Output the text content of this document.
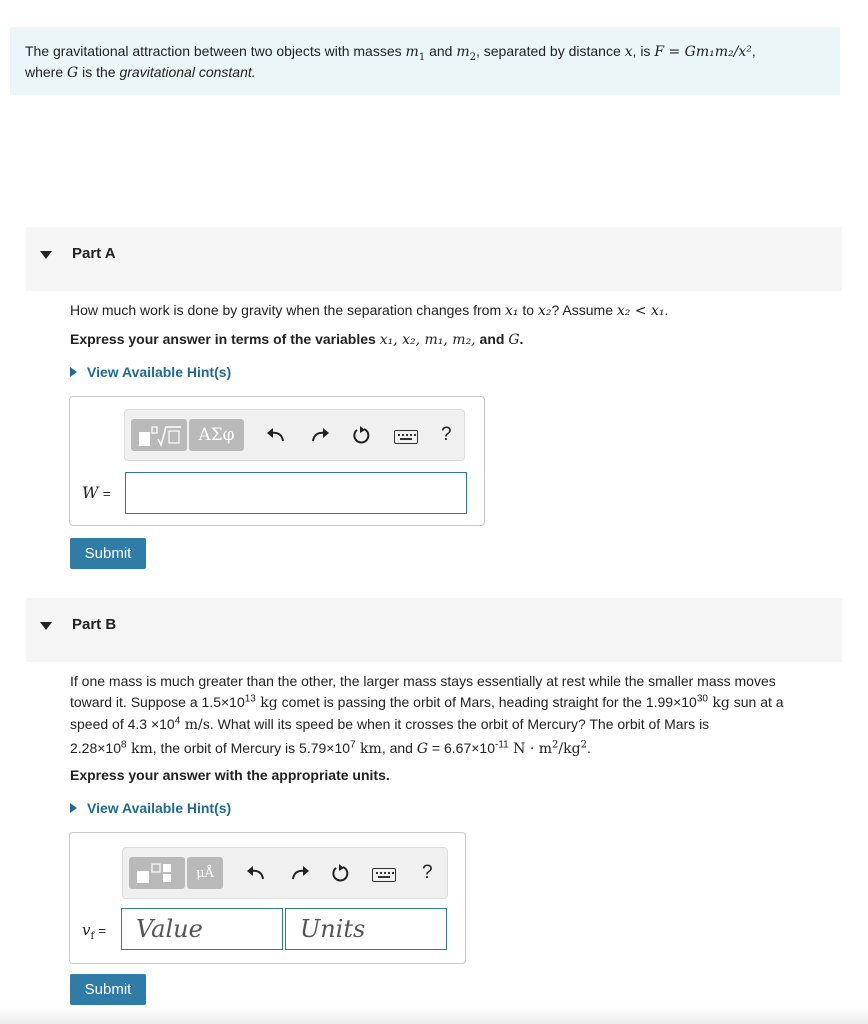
The gravitational attraction between two objects with masses $m_1$ and $m_2$, separated by distance x, is F = Gm₁m₂/x²,
where G is the gravitational constant.
Part A
How much work is done by gravity when the separation changes from x₁ to x₂? Assume x₂ < x₁.
Express your answer in terms of the variables x₁, x₂, m₁, m₂, and G.
View Available Hint(s)
ΑΣφ	?
W =
Submit
Part B
If one mass is much greater than the other, the larger mass stays essentially at rest while the smaller mass moves
toward it. Suppose a $1.5\times 10^{13}$ kg comet is passing the orbit of Mars, heading straight for the $1.99\times 10^{30}$ kg sun at a
speed of $4.3 \times 10^4$ m/s. What will its speed be when it crosses the orbit of Mercury? The orbit of Mars is
$2.28\times 10^8$ km, the orbit of Mercury is $5.79\times 10^7$ km, and $G = 6.67\times 10^{-11}$ $N \cdot m^2/kg^2$.
Express your answer with the appropriate units.
View Available Hint(s)
μÅ	?
$v_f$ = Value	Units
Submit
